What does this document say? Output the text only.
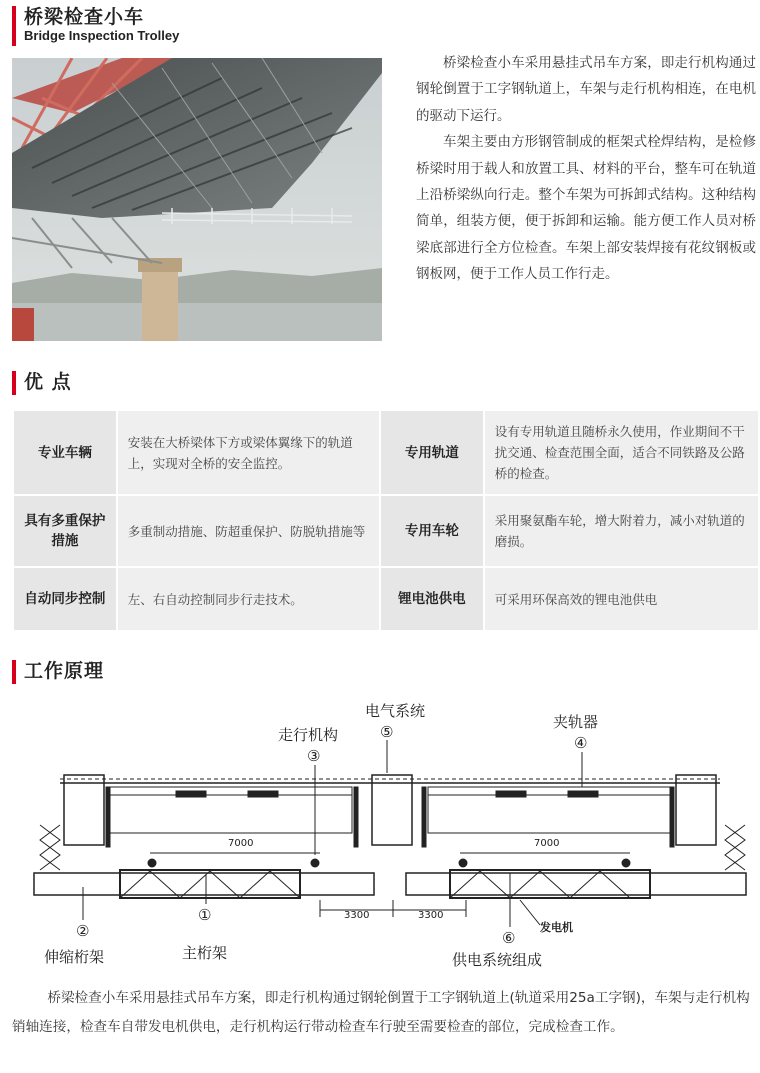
桥梁检查小车
Bridge Inspection Trolley

桥梁检查小车采用悬挂式吊车方案，即走行机构通过钢轮倒置于工字钢轨道上，车架与走行机构相连，在电机的驱动下运行。

车架主要由方形钢管制成的框架式栓焊结构，是检修桥梁时用于载人和放置工具、材料的平台，整车可在轨道上沿桥梁纵向行走。整个车架为可拆卸式结构。这种结构简单，组装方便，便于拆卸和运输。能方便工作人员对桥梁底部进行全方位检查。车架上部安装焊接有花纹钢板或钢板网，便于工作人员工作行走。

优 点
专业车辆	安装在大桥梁体下方或梁体翼缘下的轨道上，实现对全桥的安全监控。	专用轨道	设有专用轨道且随桥永久使用，作业期间不干扰交通、检查范围全面，适合不同铁路及公路桥的检查。
具有多重保护措施	多重制动措施、防超重保护、防脱轨措施等	专用车轮	采用聚氨酯车轮，增大附着力，减小对轨道的磨损。
自动同步控制	左、右自动控制同步行走技术。	锂电池供电	可采用环保高效的锂电池供电
工作原理
电气系统
走行机构
夹轨器
伸缩桁架	主桁架	供电系统组成
发电机
⑤
③
④
②
①
⑥
7000	7000
3300	3300

桥梁检查小车采用悬挂式吊车方案，即走行机构通过钢轮倒置于工字钢轨道上(轨道采用25a工字钢)，车架与走行机构销轴连接，检查车自带发电机供电，走行机构运行带动检查车行驶至需要检查的部位，完成检查工作。
